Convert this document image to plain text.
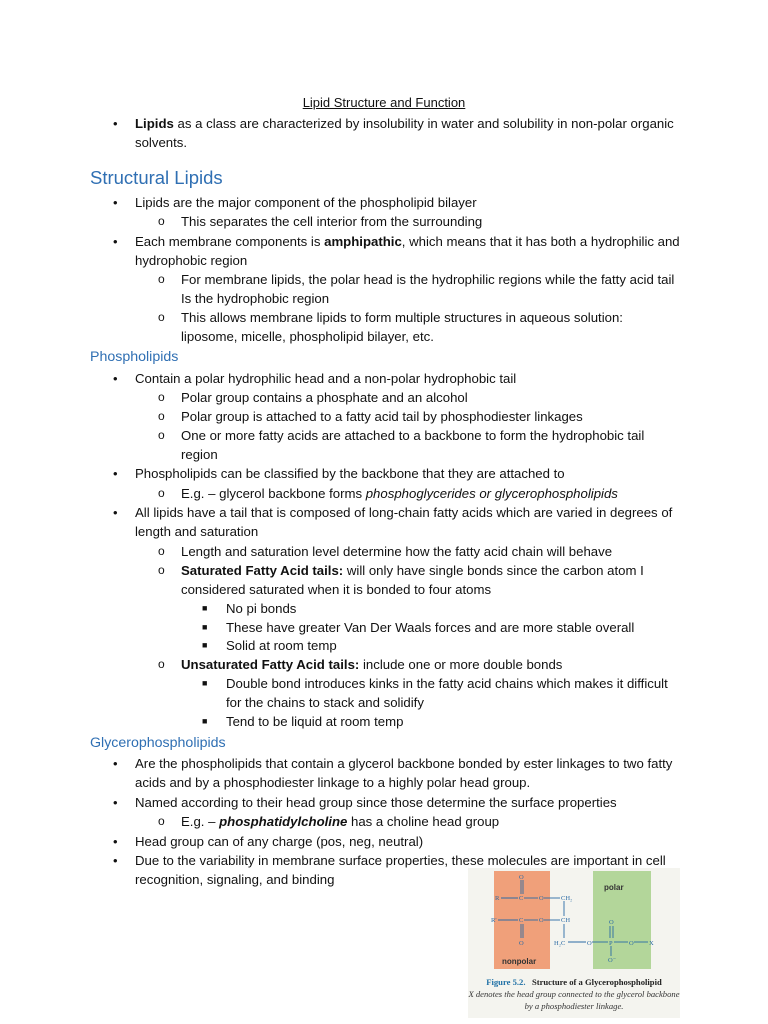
Lipid Structure and Function
• Lipids as a class are characterized by insolubility in water and solubility in non-polar organic solvents.
Structural Lipids
• Lipids are the major component of the phospholipid bilayer
o This separates the cell interior from the surrounding
• Each membrane components is amphipathic, which means that it has both a hydrophilic and hydrophobic region
o For membrane lipids, the polar head is the hydrophilic regions while the fatty acid tail Is the hydrophobic region
o This allows membrane lipids to form multiple structures in aqueous solution: liposome, micelle, phospholipid bilayer, etc.
Phospholipids
• Contain a polar hydrophilic head and a non-polar hydrophobic tail
o Polar group contains a phosphate and an alcohol
o Polar group is attached to a fatty acid tail by phosphodiester linkages
o One or more fatty acids are attached to a backbone to form the hydrophobic tail region
• Phospholipids can be classified by the backbone that they are attached to
o E.g. – glycerol backbone forms phosphoglycerides or glycerophospholipids
• All lipids have a tail that is composed of long-chain fatty acids which are varied in degrees of length and saturation
o Length and saturation level determine how the fatty acid chain will behave
o Saturated Fatty Acid tails: will only have single bonds since the carbon atom I considered saturated when it is bonded to four atoms
■ No pi bonds
■ These have greater Van Der Waals forces and are more stable overall
■ Solid at room temp
o Unsaturated Fatty Acid tails: include one or more double bonds
■ Double bond introduces kinks in the fatty acid chains which makes it difficult for the chains to stack and solidify
■ Tend to be liquid at room temp
Glycerophospholipids
• Are the phospholipids that contain a glycerol backbone bonded by ester linkages to two fatty acids and by a phosphodiester linkage to a highly polar head group.
• Named according to their head group since those determine the surface properties
o E.g. – phosphatidylcholine has a choline head group
• Head group can of any charge (pos, neg, neutral)
• Due to the variability in membrane surface properties, these molecules are important in cell recognition, signaling, and binding
polar
nonpolar
R	C O	CH₂
R'	C O	CH
O
O	H₂C	O	P
O
O X
O⁻
Figure 5.2. Structure of a Glycerophospholipid
X denotes the head group connected to the glycerol backbone by a phosphodiester linkage.
